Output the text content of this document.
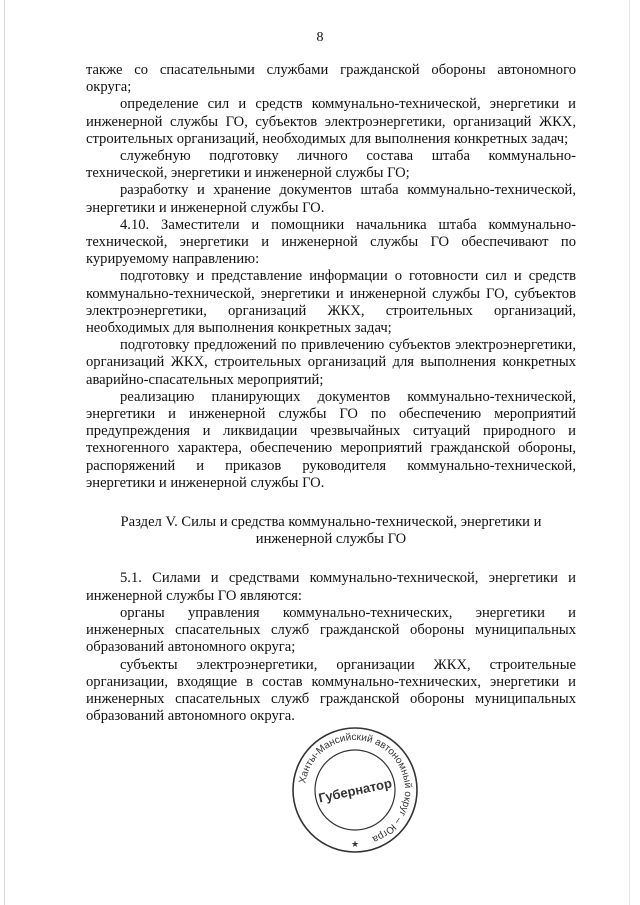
8

также со спасательными службами гражданской обороны автономного округа;

определение сил и средств коммунально-технической, энергетики и инженерной службы ГО, субъектов электроэнергетики, организаций ЖКХ, строительных организаций, необходимых для выполнения конкретных задач;

служебную подготовку личного состава штаба коммунально-технической, энергетики и инженерной службы ГО;

разработку и хранение документов штаба коммунально-технической, энергетики и инженерной службы ГО.

4.10. Заместители и помощники начальника штаба коммунально-технической, энергетики и инженерной службы ГО обеспечивают по курируемому направлению:

подготовку и представление информации о готовности сил и средств коммунально-технической, энергетики и инженерной службы ГО, субъектов электроэнергетики, организаций ЖКХ, строительных организаций, необходимых для выполнения конкретных задач;

подготовку предложений по привлечению субъектов электроэнергетики, организаций ЖКХ, строительных организаций для выполнения конкретных аварийно-спасательных мероприятий;

реализацию планирующих документов коммунально-технической, энергетики и инженерной службы ГО по обеспечению мероприятий предупреждения и ликвидации чрезвычайных ситуаций природного и техногенного характера, обеспечению мероприятий гражданской обороны, распоряжений и приказов руководителя коммунально-технической, энергетики и инженерной службы ГО.

Раздел V. Силы и средства коммунально-технической, энергетики и инженерной службы ГО

5.1. Силами и средствами коммунально-технической, энергетики и инженерной службы ГО являются:

органы управления коммунально-технических, энергетики и инженерных спасательных служб гражданской обороны муниципальных образований автономного округа;

субъекты электроэнергетики, организации ЖКХ, строительные организации, входящие в состав коммунально-технических, энергетики и инженерных спасательных служб гражданской обороны муниципальных образований автономного округа.

Ханты-Мансийский автономный округ – Югра
Губернатор
★
